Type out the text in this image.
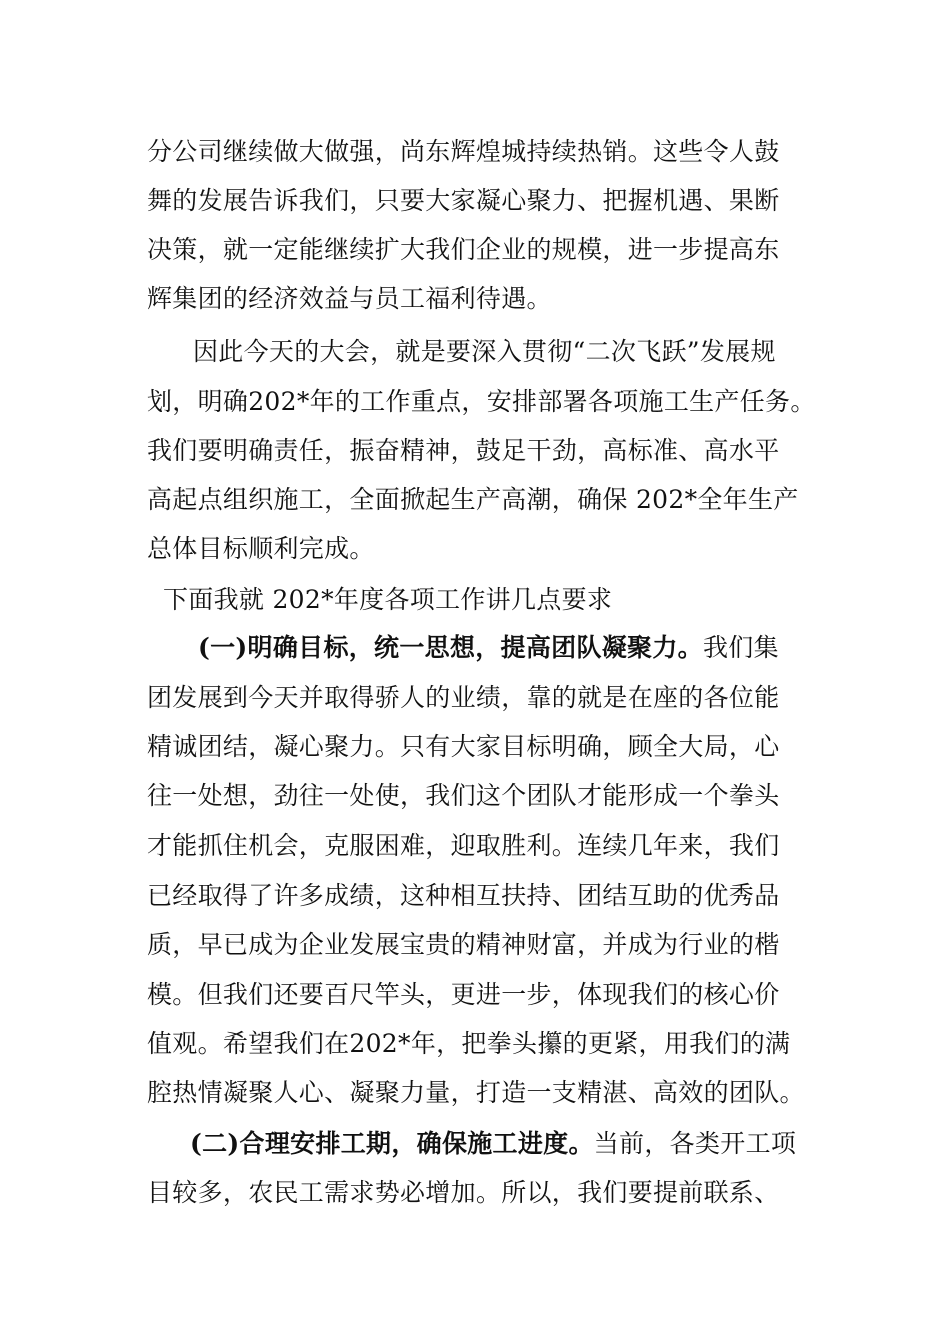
分公司继续做大做强，尚东辉煌城持续热销。这些令人鼓
舞的发展告诉我们，只要大家凝心聚力、把握机遇、果断
决策，就一定能继续扩大我们企业的规模，进一步提高东
辉集团的经济效益与员工福利待遇。
因此今天的大会，就是要深入贯彻“二次飞跃”发展规
划，明确202*年的工作重点，安排部署各项施工生产任务。
我们要明确责任，振奋精神，鼓足干劲，高标准、高水平
高起点组织施工，全面掀起生产高潮，确保 202*全年生产
总体目标顺利完成。
下面我就 202*年度各项工作讲几点要求
(一)明确目标，统一思想，提高团队凝聚力。我们集
团发展到今天并取得骄人的业绩，靠的就是在座的各位能
精诚团结，凝心聚力。只有大家目标明确，顾全大局，心
往一处想，劲往一处使，我们这个团队才能形成一个拳头
才能抓住机会，克服困难，迎取胜利。连续几年来，我们
已经取得了许多成绩，这种相互扶持、团结互助的优秀品
质，早已成为企业发展宝贵的精神财富，并成为行业的楷
模。但我们还要百尺竿头，更进一步，体现我们的核心价
值观。希望我们在202*年，把拳头攥的更紧，用我们的满
腔热情凝聚人心、凝聚力量，打造一支精湛、高效的团队。
(二)合理安排工期，确保施工进度。当前，各类开工项
目较多，农民工需求势必增加。所以，我们要提前联系、
